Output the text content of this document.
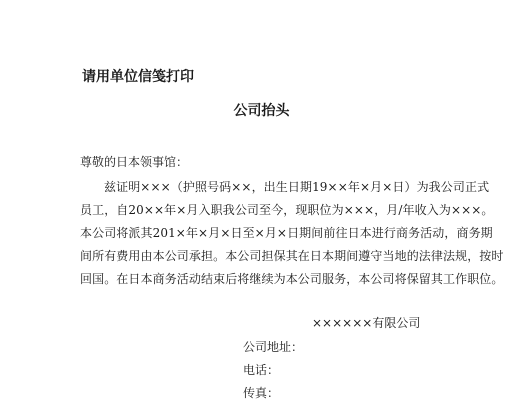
请用单位信笺打印
公司抬头
尊敬的日本领事馆：
兹证明×××（护照号码××，出生日期19××年×月×日）为我公司正式
员工，自20××年×月入职我公司至今，现职位为×××，月/年收入为×××。
本公司将派其201×年×月×日至×月×日期间前往日本进行商务活动，商务期
间所有费用由本公司承担。本公司担保其在日本期间遵守当地的法律法规，按时
回国。在日本商务活动结束后将继续为本公司服务，本公司将保留其工作职位。
××××××有限公司
公司地址：
电话：
传真：
